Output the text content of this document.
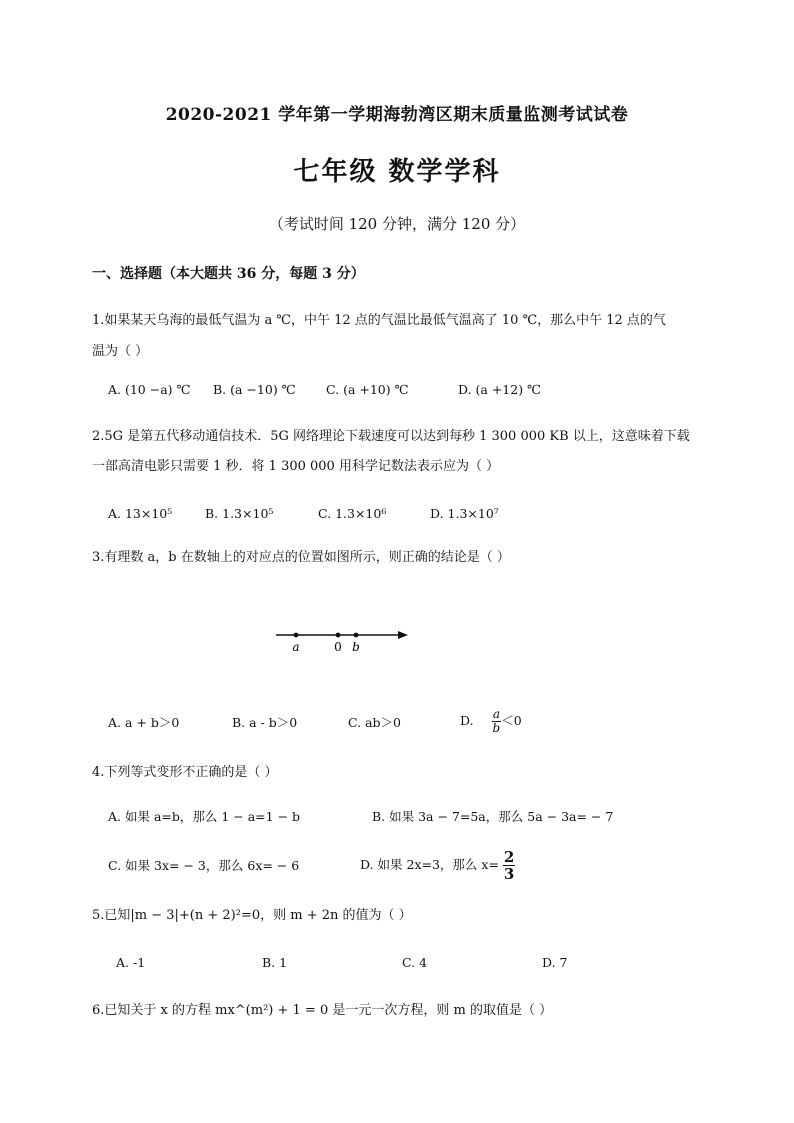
2020-2021 学年第一学期海勃湾区期末质量监测考试试卷
七年级 数学学科
（考试时间 120 分钟，满分 120 分）
一、选择题（本大题共 36 分，每题 3 分）
1.如果某天乌海的最低气温为 a ℃，中午 12 点的气温比最低气温高了 10 ℃，那么中午 12 点的气
温为（ ）
A. (10 −a) ℃ B. (a −10) ℃ C. (a +10) ℃	D. (a +12) ℃
2.5G 是第五代移动通信技术．5G 网络理论下载速度可以达到每秒 1 300 000 KB 以上，这意味着下载
一部高清电影只需要 1 秒．将 1 300 000 用科学记数法表示应为（ ）
A. 13×10⁵	B. 1.3×10⁵	C. 1.3×10⁶	D. 1.3×10⁷
3.有理数 a，b 在数轴上的对应点的位置如图所示，则正确的结论是（ ）
a	0 b
A. a + b＞0	B. a - b＞0	C. ab＞0	D. $\frac{a}{b} <0$
4.下列等式变形不正确的是（ ）
A. 如果 a=b，那么 1 − a=1 − b	B. 如果 3a − 7=5a，那么 5a − 3a= − 7
C. 如果 3x= − 3，那么 6x= − 6	D. 如果 2x=3，那么 $x= \frac{2}{3}$
5.已知|m − 3|+(n + 2)²=0，则 m + 2n 的值为（ ）
A. -1	B. 1	C. 4	D. 7
6.已知关于 x 的方程 mx^(m²) + 1 = 0 是一元一次方程，则 m 的取值是（ ）
